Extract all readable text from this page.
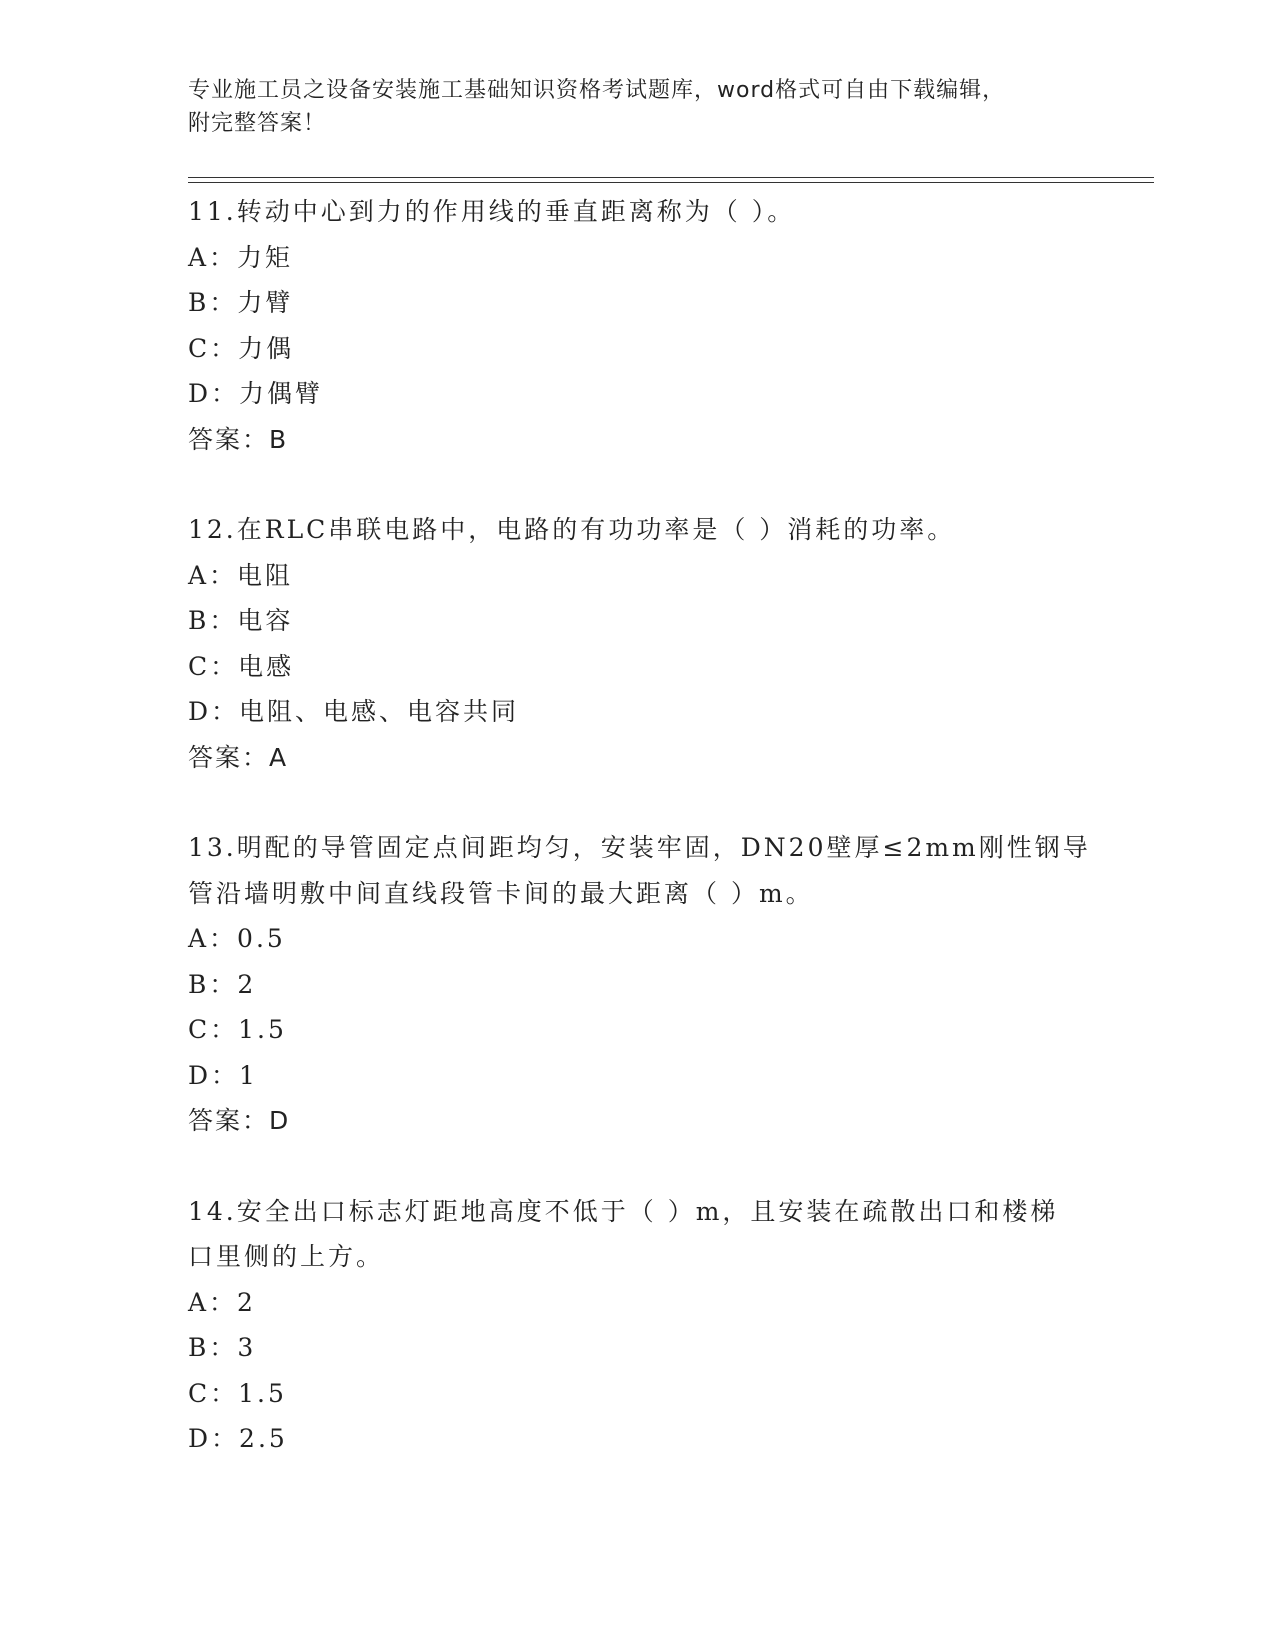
专业施工员之设备安装施工基础知识资格考试题库，word格式可自由下载编辑，
附完整答案！

11.转动中心到力的作用线的垂直距离称为（ ）。

A：力矩

B：力臂

C：力偶

D：力偶臂

答案：B

12.在RLC串联电路中，电路的有功功率是（ ）消耗的功率。

A：电阻

B：电容

C：电感

D：电阻、电感、电容共同

答案：A

13.明配的导管固定点间距均匀，安装牢固，DN20壁厚≤2mm刚性钢导

管沿墙明敷中间直线段管卡间的最大距离（ ）m。

A：0.5

B：2

C：1.5

D：1

答案：D

14.安全出口标志灯距地高度不低于（ ）m，且安装在疏散出口和楼梯

口里侧的上方。

A：2

B：3

C：1.5

D：2.5
